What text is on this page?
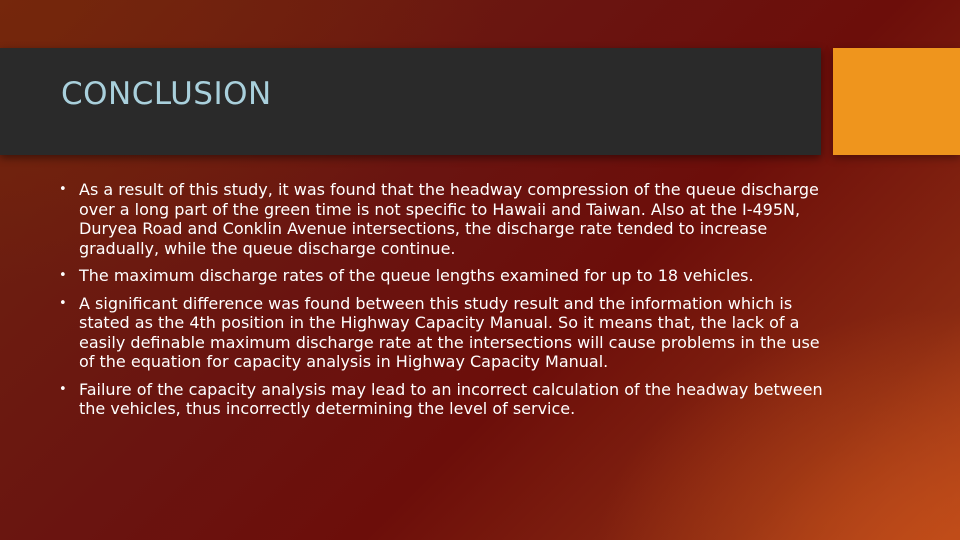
CONCLUSION
• As a result of this study, it was found that the headway compression of the queue discharge over a long part of the green time is not specific to Hawaii and Taiwan. Also at the I-495N, Duryea Road and Conklin Avenue intersections, the discharge rate tended to increase gradually, while the queue discharge continue.
• The maximum discharge rates of the queue lengths examined for up to 18 vehicles.
• A significant difference was found between this study result and the information which is stated as the 4th position in the Highway Capacity Manual. So it means that, the lack of a easily definable maximum discharge rate at the intersections will cause problems in the use of the equation for capacity analysis in Highway Capacity Manual.
• Failure of the capacity analysis may lead to an incorrect calculation of the headway between the vehicles, thus incorrectly determining the level of service.
